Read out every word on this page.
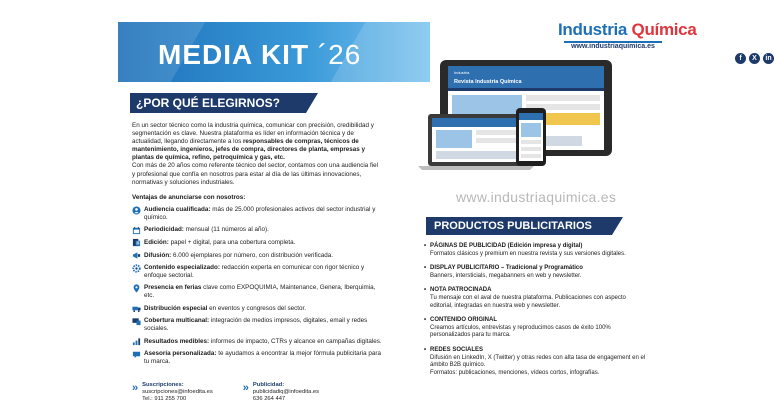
MEDIA KIT ´26
Industria Química
www.industriaquimica.es
f	X	in
¿POR QUÉ ELEGIRNOS?
En un sector técnico como la industria química, comunicar con precisión, credibilidad y segmentación es clave. Nuestra plataforma es líder en información técnica y de actualidad, llegando directamente a los responsables de compras, técnicos de mantenimiento, ingenieros, jefes de compra, directores de planta, empresas y plantas de química, refino, petroquímica y gas, etc.
Con más de 20 años como referente técnico del sector, contamos con una audiencia fiel y profesional que confía en nosotros para estar al día de las últimas innovaciones, normativas y soluciones industriales.
Ventajas de anunciarse con nosotros:
Audiencia cualificada: más de 25.000 profesionales activos del sector industrial y químico.
Periodicidad: mensual (11 números al año).
Edición: papel + digital, para una cobertura completa.
Difusión: 6.000 ejemplares por número, con distribución verificada.
Contenido especializado: redacción experta en comunicar con rigor técnico y enfoque sectorial.
Presencia en ferias clave como EXPOQUIMIA, Maintenance, Genera, Iberquimia, etc.
Distribución especial en eventos y congresos del sector.
Cobertura multicanal: integración de medios impresos, digitales, email y redes sociales.
Resultados medibles: informes de impacto, CTRs y alcance en campañas digitales.
Asesoría personalizada: te ayudamos a encontrar la mejor fórmula publicitaria para tu marca.
» Suscripciones:
suscripciones@infoedita.es
Tel.: 911 255 700
» Publicidad:
publicidadiq@infoedita.es
636 264 447
Industria
Revista Industria Química
www.industriaquimica.es
PRODUCTOS PUBLICITARIOS
• PÁGINAS DE PUBLICIDAD (Edición impresa y digital)
Formatos clásicos y premium en nuestra revista y sus versiones digitales.
• DISPLAY PUBLICITARIO – Tradicional y Programático
Banners, intersticials, megabanners en web y newsletter.
• NOTA PATROCINADA
Tu mensaje con el aval de nuestra plataforma. Publicaciones con aspecto editorial, integradas en nuestra web y newsletter.
• CONTENIDO ORIGINAL
Creamos artículos, entrevistas y reproducimos casos de éxito 100% personalizados para tu marca.
• REDES SOCIALES
Difusión en LinkedIn, X (Twitter) y otras redes con alta tasa de engagement en el ámbito B2B químico.
Formatos: publicaciones, menciones, vídeos cortos, infografías.
